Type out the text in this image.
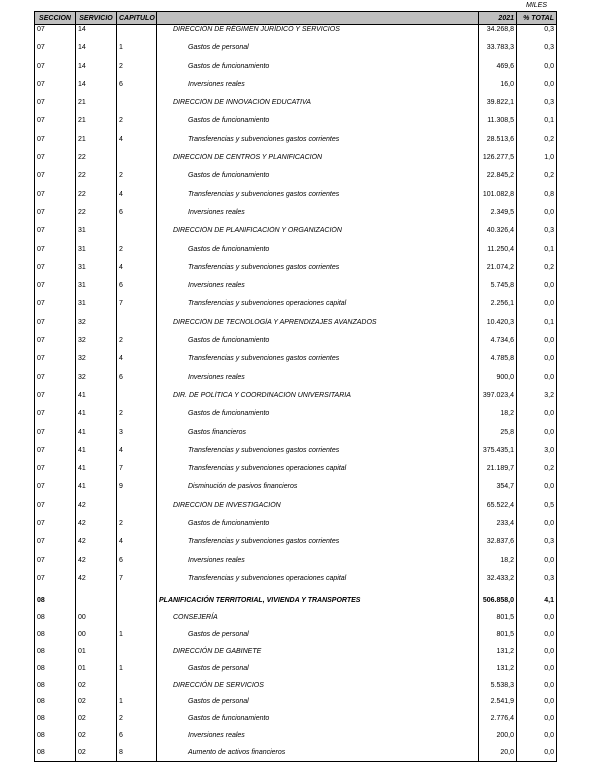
MILES
SECCION	SERVICIO	CAPITULO		2021	% TOTAL
07	14		DIRECCIÓN DE RÉGIMEN JURÍDICO Y SERVICIOS	34.268,8	0,3
07	14	1	Gastos de personal	33.783,3	0,3
07	14	2	Gastos de funcionamiento	469,6	0,0
07	14	6	Inversiones reales	16,0	0,0
07	21		DIRECCIÓN DE INNOVACIÓN EDUCATIVA	39.822,1	0,3
07	21	2	Gastos de funcionamiento	11.308,5	0,1
07	21	4	Transferencias y subvenciones gastos corrientes	28.513,6	0,2
07	22		DIRECCIÓN DE CENTROS Y PLANIFICACIÓN	126.277,5	1,0
07	22	2	Gastos de funcionamiento	22.845,2	0,2
07	22	4	Transferencias y subvenciones gastos corrientes	101.082,8	0,8
07	22	6	Inversiones reales	2.349,5	0,0
07	31		DIRECCIÓN DE PLANIFICACIÓN Y ORGANIZACIÓN	40.326,4	0,3
07	31	2	Gastos de funcionamiento	11.250,4	0,1
07	31	4	Transferencias y subvenciones gastos corrientes	21.074,2	0,2
07	31	6	Inversiones reales	5.745,8	0,0
07	31	7	Transferencias y subvenciones operaciones capital	2.256,1	0,0
07	32		DIRECCIÓN DE TECNOLOGÍA Y APRENDIZAJES AVANZADOS	10.420,3	0,1
07	32	2	Gastos de funcionamiento	4.734,6	0,0
07	32	4	Transferencias y subvenciones gastos corrientes	4.785,8	0,0
07	32	6	Inversiones reales	900,0	0,0
07	41		DIR. DE POLÍTICA Y COORDINACIÓN UNIVERSITARIA	397.023,4	3,2
07	41	2	Gastos de funcionamiento	18,2	0,0
07	41	3	Gastos financieros	25,8	0,0
07	41	4	Transferencias y subvenciones gastos corrientes	375.435,1	3,0
07	41	7	Transferencias y subvenciones operaciones capital	21.189,7	0,2
07	41	9	Disminución de pasivos financieros	354,7	0,0
07	42		DIRECCIÓN DE INVESTIGACIÓN	65.522,4	0,5
07	42	2	Gastos de funcionamiento	233,4	0,0
07	42	4	Transferencias y subvenciones gastos corrientes	32.837,6	0,3
07	42	6	Inversiones reales	18,2	0,0
07	42	7	Transferencias y subvenciones operaciones capital	32.433,2	0,3
08			PLANIFICACIÓN TERRITORIAL, VIVIENDA Y TRANSPORTES	506.858,0	4,1
08	00		CONSEJERÍA	801,5	0,0
08	00	1	Gastos de personal	801,5	0,0
08	01		DIRECCIÓN DE GABINETE	131,2	0,0
08	01	1	Gastos de personal	131,2	0,0
08	02		DIRECCIÓN DE SERVICIOS	5.538,3	0,0
08	02	1	Gastos de personal	2.541,9	0,0
08	02	2	Gastos de funcionamiento	2.776,4	0,0
08	02	6	Inversiones reales	200,0	0,0
08	02	8	Aumento de activos financieros	20,0	0,0
